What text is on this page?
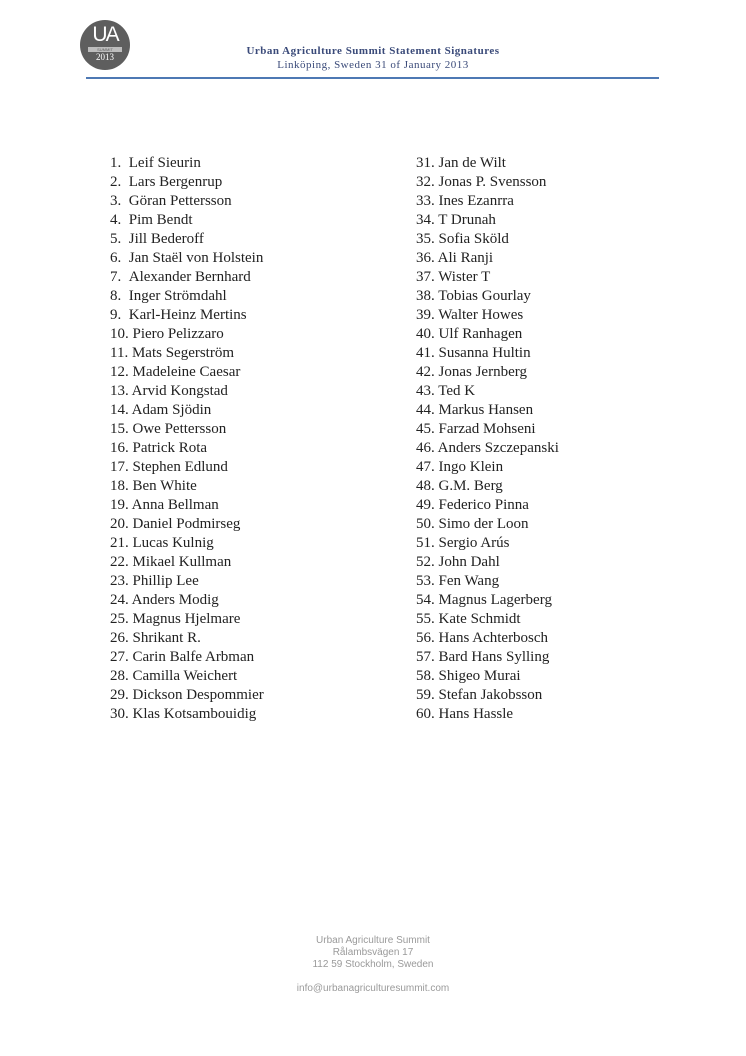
UA
SUMMIT
2013	Urban Agriculture Summit Statement Signatures
Linköping, Sweden 31 of January 2013
1.  Leif Sieurin
2.  Lars Bergenrup
3.  Göran Pettersson
4.  Pim Bendt
5.  Jill Bederoff
6.  Jan Staël von Holstein
7.  Alexander Bernhard
8.  Inger Strömdahl
9.  Karl-Heinz Mertins
10. Piero Pelizzaro
11. Mats Segerström
12. Madeleine Caesar
13. Arvid Kongstad
14. Adam Sjödin
15. Owe Pettersson
16. Patrick Rota
17. Stephen Edlund
18. Ben White
19. Anna Bellman
20. Daniel Podmirseg
21. Lucas Kulnig
22. Mikael Kullman
23. Phillip Lee
24. Anders Modig
25. Magnus Hjelmare
26. Shrikant R.
27. Carin Balfe Arbman
28. Camilla Weichert
29. Dickson Despommier
30. Klas Kotsambouidig
31. Jan de Wilt
32. Jonas P. Svensson
33. Ines Ezanrra
34. T Drunah
35. Sofia Sköld
36. Ali Ranji
37. Wister T
38. Tobias Gourlay
39. Walter Howes
40. Ulf Ranhagen
41. Susanna Hultin
42. Jonas Jernberg
43. Ted K
44. Markus Hansen
45. Farzad Mohseni
46. Anders Szczepanski
47. Ingo Klein
48. G.M. Berg
49. Federico Pinna
50. Simo der Loon
51. Sergio Arús
52. John Dahl
53. Fen Wang
54. Magnus Lagerberg
55. Kate Schmidt
56. Hans Achterbosch
57. Bard Hans Sylling
58. Shigeo Murai
59. Stefan Jakobsson
60. Hans Hassle
Urban Agriculture Summit
Rålambsvägen 17
112 59 Stockholm, Sweden
info@urbanagriculturesummit.com
